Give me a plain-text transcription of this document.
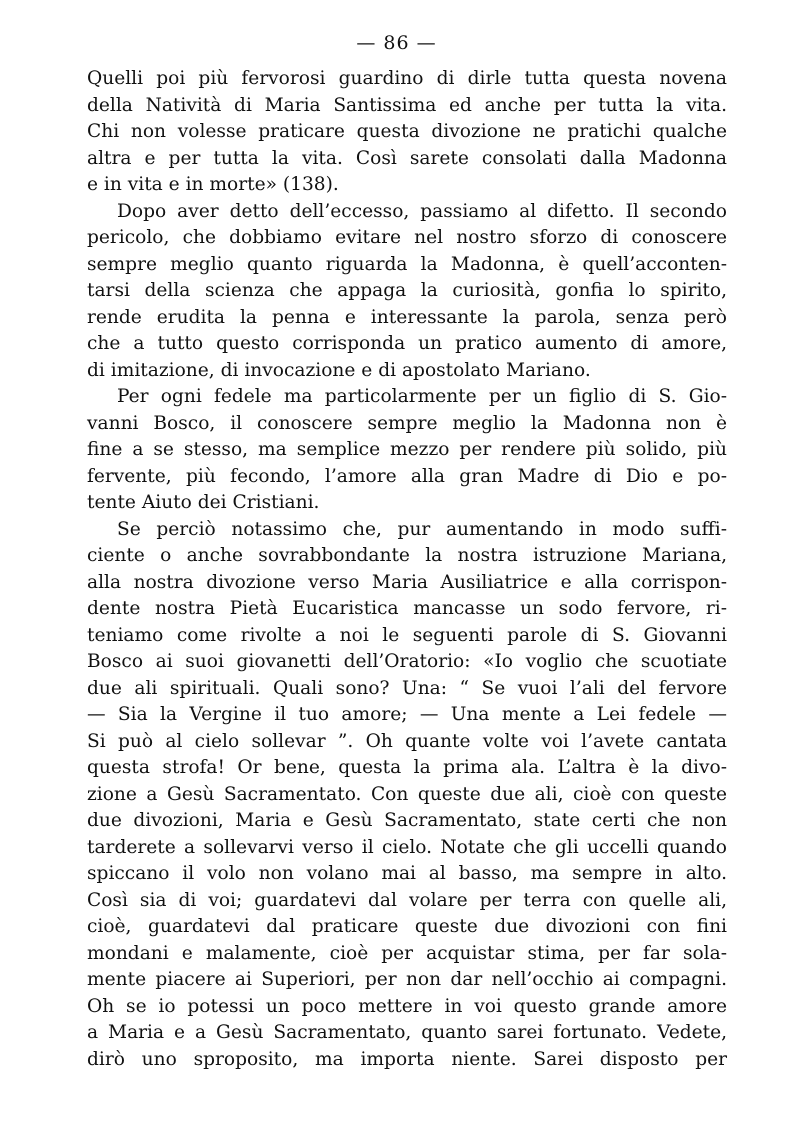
— 86 —
Quelli poi più fervorosi guardino di dirle tutta questa novena
della Natività di Maria Santissima ed anche per tutta la vita.
Chi non volesse praticare questa divozione ne pratichi qualche
altra e per tutta la vita. Così sarete consolati dalla Madonna
e in vita e in morte» (138).
Dopo aver detto dell’eccesso, passiamo al difetto. Il secondo
pericolo, che dobbiamo evitare nel nostro sforzo di conoscere
sempre meglio quanto riguarda la Madonna, è quell’acconten-
tarsi della scienza che appaga la curiosità, gonfia lo spirito,
rende erudita la penna e interessante la parola, senza però
che a tutto questo corrisponda un pratico aumento di amore,
di imitazione, di invocazione e di apostolato Mariano.
Per ogni fedele ma particolarmente per un figlio di S. Gio-
vanni Bosco, il conoscere sempre meglio la Madonna non è
fine a se stesso, ma semplice mezzo per rendere più solido, più
fervente, più fecondo, l’amore alla gran Madre di Dio e po-
tente Aiuto dei Cristiani.
Se perciò notassimo che, pur aumentando in modo suffi-
ciente o anche sovrabbondante la nostra istruzione Mariana,
alla nostra divozione verso Maria Ausiliatrice e alla corrispon-
dente nostra Pietà Eucaristica mancasse un sodo fervore, ri-
teniamo come rivolte a noi le seguenti parole di S. Giovanni
Bosco ai suoi giovanetti dell’Oratorio: «Io voglio che scuotiate
due ali spirituali. Quali sono? Una: “ Se vuoi l’ali del fervore
— Sia la Vergine il tuo amore; — Una mente a Lei fedele —
Si può al cielo sollevar ”. Oh quante volte voi l’avete cantata
questa strofa! Or bene, questa la prima ala. L’altra è la divo-
zione a Gesù Sacramentato. Con queste due ali, cioè con queste
due divozioni, Maria e Gesù Sacramentato, state certi che non
tarderete a sollevarvi verso il cielo. Notate che gli uccelli quando
spiccano il volo non volano mai al basso, ma sempre in alto.
Così sia di voi; guardatevi dal volare per terra con quelle ali,
cioè, guardatevi dal praticare queste due divozioni con fini
mondani e malamente, cioè per acquistar stima, per far sola-
mente piacere ai Superiori, per non dar nell’occhio ai compagni.
Oh se io potessi un poco mettere in voi questo grande amore
a Maria e a Gesù Sacramentato, quanto sarei fortunato. Vedete,
dirò uno sproposito, ma importa niente. Sarei disposto per
